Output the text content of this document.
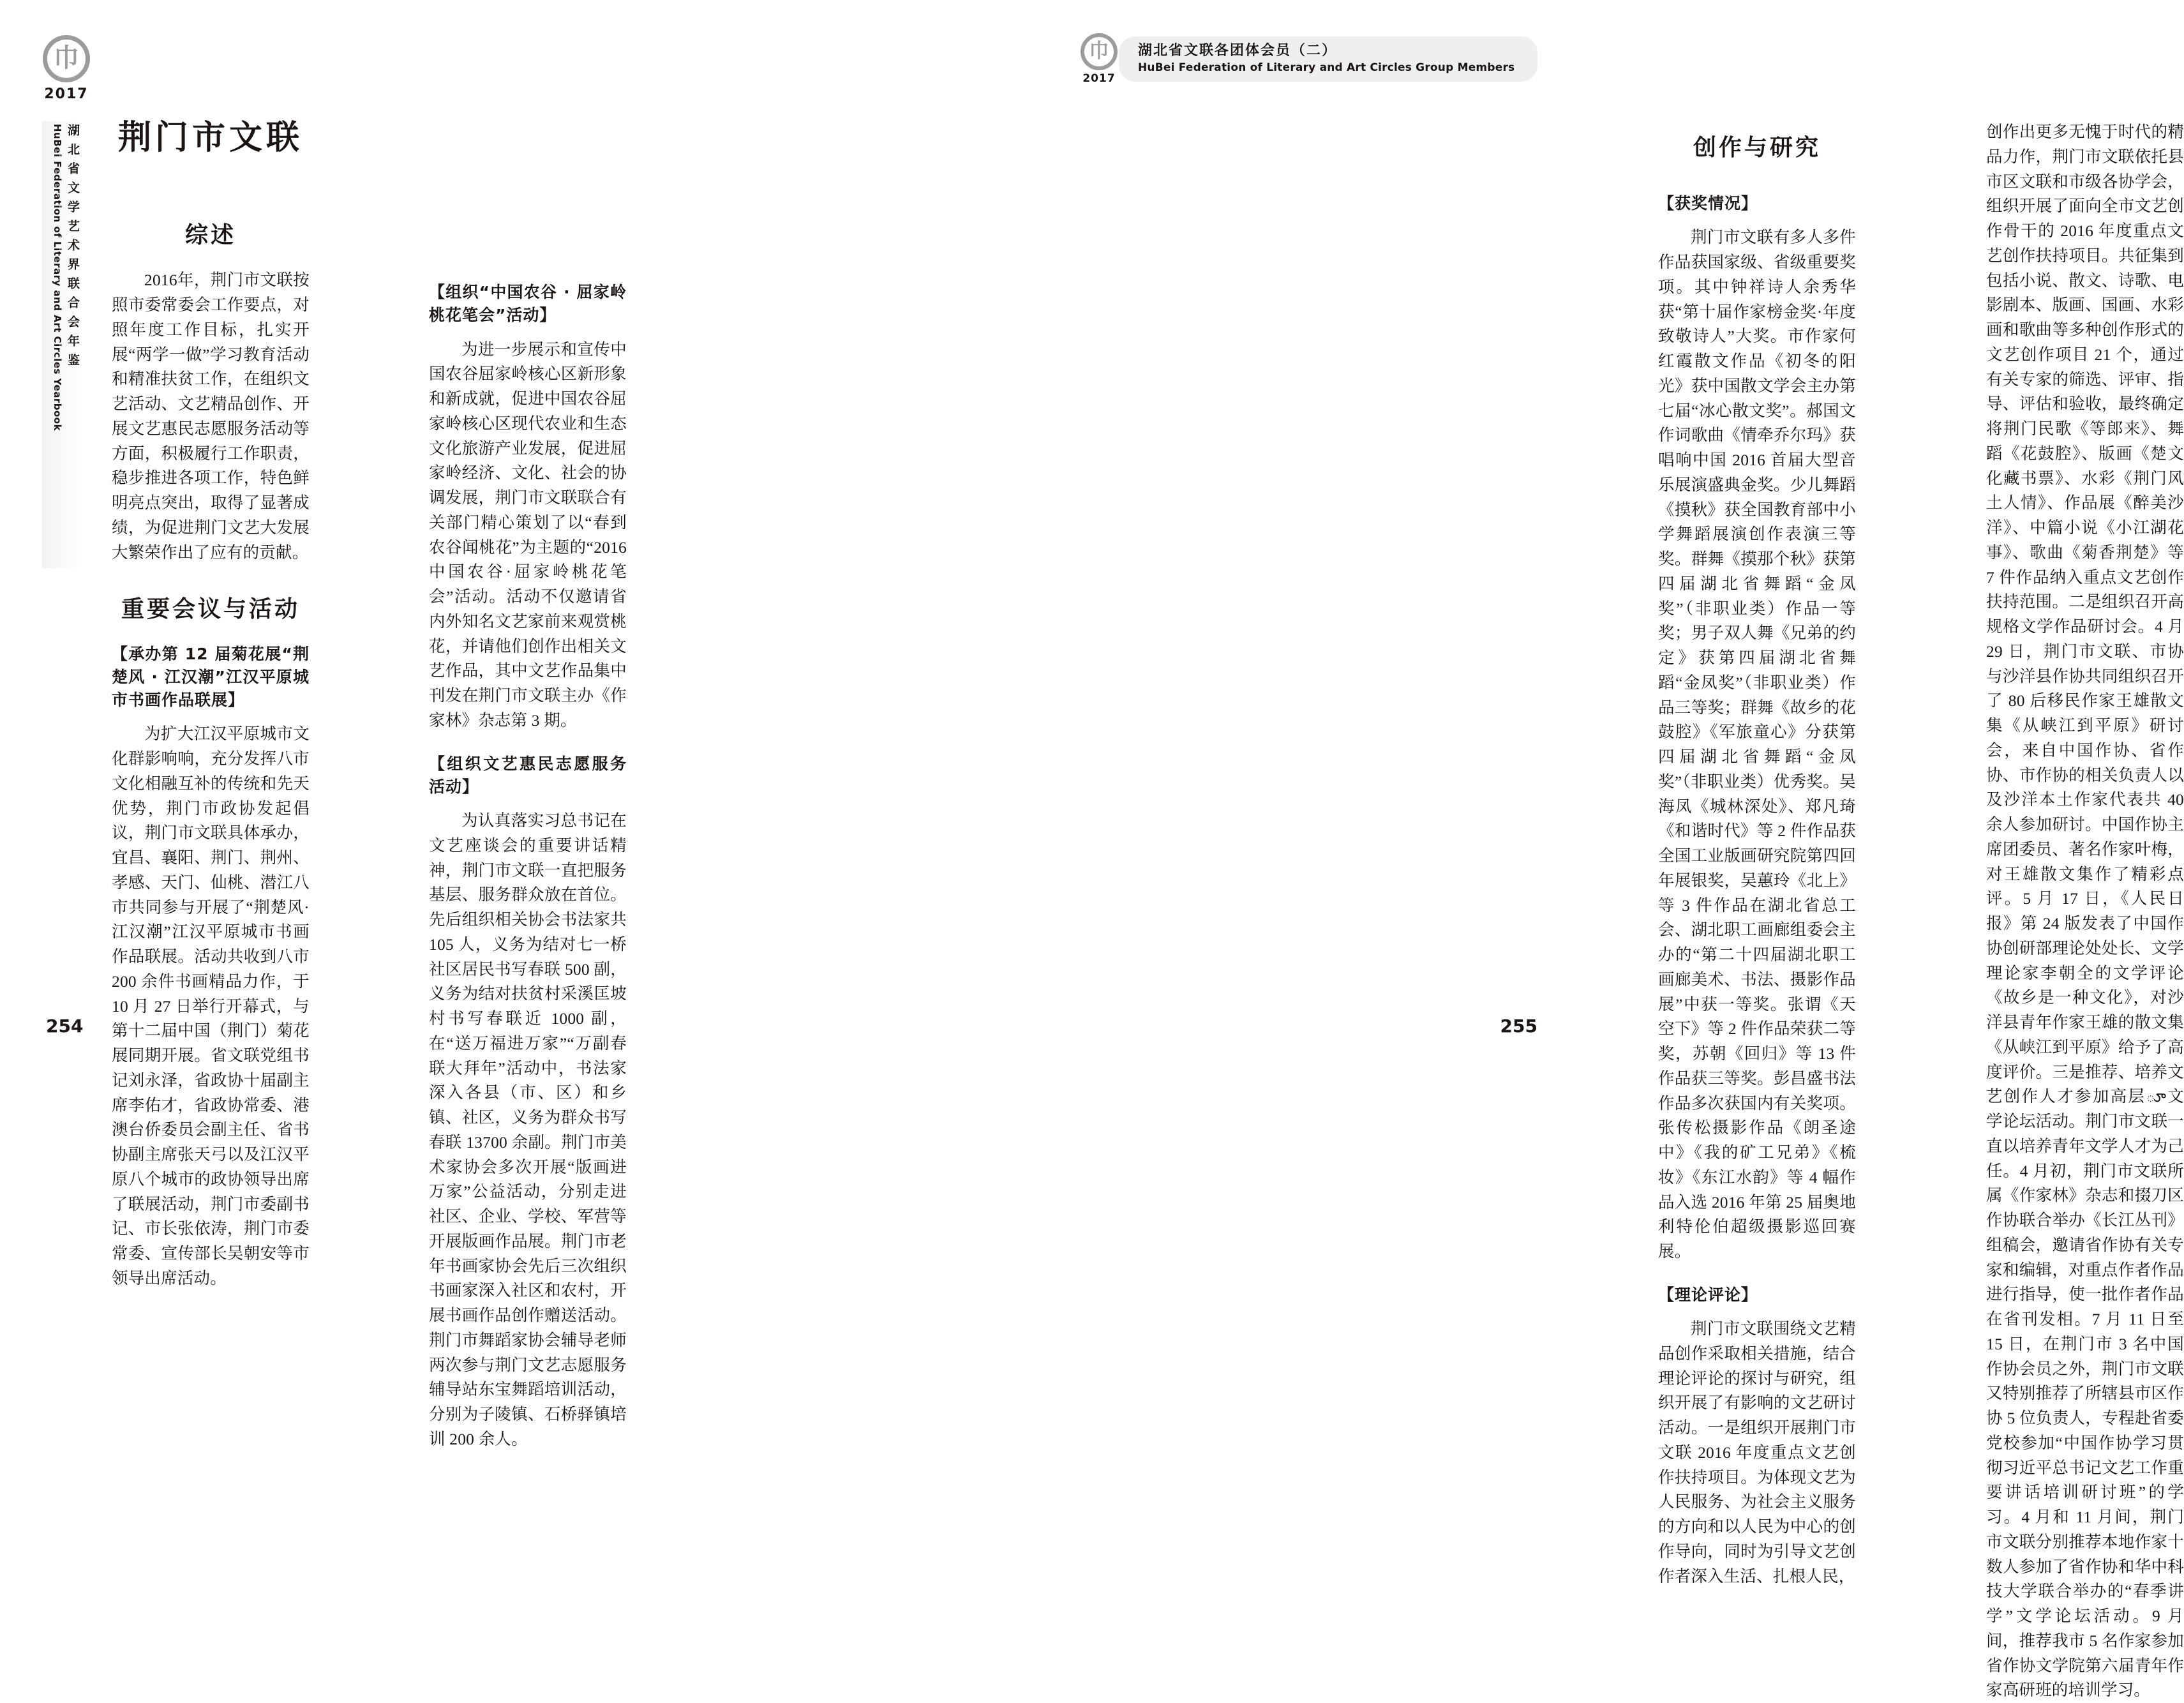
巾
2017
湖北省文学艺术界联合会年鉴
HuBei Federation of Literary and Art Circles Yearbook 荆门市文联
综述
2016年，荆门市文联按照市委常委会工作要点，对照年度工作目标，扎实开展“两学一做”学习教育活动和精准扶贫工作，在组织文艺活动、文艺精品创作、开展文艺惠民志愿服务活动等方面，积极履行工作职责，稳步推进各项工作，特色鲜明亮点突出，取得了显著成绩，为促进荆门文艺大发展大繁荣作出了应有的贡献。
重要会议与活动
【承办第 12 届菊花展“荆楚风 · 江汉潮”江汉平原城市书画作品联展】
为扩大江汉平原城市文化群影响响，充分发挥八市文化相融互补的传统和先天优势，荆门市政协发起倡议，荆门市文联具体承办，宜昌、襄阳、荆门、荆州、孝感、天门、仙桃、潜江八市共同参与开展了“荆楚风·江汉潮”江汉平原城市书画作品联展。活动共收到八市 200 余件书画精品力作，于 10 月 27 日举行开幕式，与第十二届中国（荆门）菊花展同期开展。省文联党组书记刘永泽，省政协十届副主席李佑才，省政协常委、港澳台侨委员会副主任、省书协副主席张天弓以及江汉平原八个城市的政协领导出席了联展活动，荆门市委副书记、市长张依涛，荆门市委常委、宣传部长吴朝安等市领导出席活动。
【组织“中国农谷 · 屈家岭桃花笔会”活动】
为进一步展示和宣传中国农谷屈家岭核心区新形象和新成就，促进中国农谷屈家岭核心区现代农业和生态文化旅游产业发展，促进屈家岭经济、文化、社会的协调发展，荆门市文联联合有关部门精心策划了以“春到农谷闻桃花”为主题的“2016 中国农谷·屈家岭桃花笔会”活动。活动不仅邀请省内外知名文艺家前来观赏桃花，并请他们创作出相关文艺作品，其中文艺作品集中刊发在荆门市文联主办《作家林》杂志第 3 期。
【组织文艺惠民志愿服务活动】
为认真落实习总书记在文艺座谈会的重要讲话精神，荆门市文联一直把服务基层、服务群众放在首位。先后组织相关协会书法家共 105 人，义务为结对七一桥社区居民书写春联 500 副，义务为结对扶贫村采溪匡坡村书写春联近 1000 副，在“送万福进万家”“万副春联大拜年”活动中，书法家深入各县（市、区）和乡镇、社区，义务为群众书写春联 13700 余副。荆门市美术家协会多次开展“版画进万家”公益活动，分别走进社区、企业、学校、军营等开展版画作品展。荆门市老年书画家协会先后三次组织书画家深入社区和农村，开展书画作品创作赠送活动。荆门市舞蹈家协会辅导老师两次参与荆门文艺志愿服务辅导站东宝舞蹈培训活动，分别为子陵镇、石桥驿镇培训 200 余人。
254
巾
2017
湖北省文联各团体会员（二）
HuBei Federation of Literary and Art Circles Group Members
创作与研究
【获奖情况】
荆门市文联有多人多件作品获国家级、省级重要奖项。其中钟祥诗人余秀华获“第十届作家榜金奖·年度致敬诗人”大奖。市作家何红霞散文作品《初冬的阳光》获中国散文学会主办第七届“冰心散文奖”。郝国文作词歌曲《情牵乔尔玛》获唱响中国 2016 首届大型音乐展演盛典金奖。少儿舞蹈《摸秋》获全国教育部中小学舞蹈展演创作表演三等奖。群舞《摸那个秋》获第四届湖北省舞蹈“金凤奖”（非职业类）作品一等奖；男子双人舞《兄弟的约定》获第四届湖北省舞蹈“金凤奖”（非职业类）作品三等奖；群舞《故乡的花鼓腔》《军旅童心》分获第四届湖北省舞蹈“金凤奖”（非职业类）优秀奖。吴海凤《城林深处》、郑凡琦《和谐时代》等 2 件作品获全国工业版画研究院第四回年展银奖，吴蕙玲《北上》等 3 件作品在湖北省总工会、湖北职工画廊组委会主办的“第二十四届湖北职工画廊美术、书法、摄影作品展”中获一等奖。张谓《天空下》等 2 件作品荣获二等奖，苏朝《回归》等 13 件作品获三等奖。彭昌盛书法作品多次获国内有关奖项。张传松摄影作品《朗圣途中》《我的矿工兄弟》《梳妆》《东江水韵》等 4 幅作品入选 2016 年第 25 届奥地利特伦伯超级摄影巡回赛展。
【理论评论】
荆门市文联围绕文艺精品创作采取相关措施，结合理论评论的探讨与研究，组织开展了有影响的文艺研讨活动。一是组织开展荆门市文联 2016 年度重点文艺创作扶持项目。为体现文艺为人民服务、为社会主义服务的方向和以人民为中心的创作导向，同时为引导文艺创作者深入生活、扎根人民，
创作出更多无愧于时代的精品力作，荆门市文联依托县市区文联和市级各协学会，组织开展了面向全市文艺创作骨干的 2016 年度重点文艺创作扶持项目。共征集到包括小说、散文、诗歌、电影剧本、版画、国画、水彩画和歌曲等多种创作形式的文艺创作项目 21 个，通过有关专家的筛选、评审、指导、评估和验收，最终确定将荆门民歌《等郎来》、舞蹈《花鼓腔》、版画《楚文化藏书票》、水彩《荆门风土人情》、作品展《醉美沙洋》、中篇小说《小江湖花事》、歌曲《菊香荆楚》等 7 件作品纳入重点文艺创作扶持范围。二是组织召开高规格文学作品研讨会。4 月 29 日，荆门市文联、市协与沙洋县作协共同组织召开了 80 后移民作家王雄散文集《从峡江到平原》研讨会，来自中国作协、省作协、市作协的相关负责人以及沙洋本土作家代表共 40 余人参加研讨。中国作协主席团委员、著名作家叶梅，对王雄散文集作了精彩点评。5 月 17 日，《人民日报》第 24 版发表了中国作协创研部理论处处长、文学理论家李朝全的文学评论《故乡是一种文化》，对沙洋县青年作家王雄的散文集《从峡江到平原》给予了高度评价。三是推荐、培养文艺创作人才参加高层ూ文学论坛活动。荆门市文联一直以培养青年文学人才为己任。4 月初，荆门市文联所属《作家林》杂志和掇刀区作协联合举办《长江丛刊》组稿会，邀请省作协有关专家和编辑，对重点作者作品进行指导，使一批作者作品在省刊发相。7 月 11 日至 15 日，在荆门市 3 名中国作协会员之外，荆门市文联又特别推荐了所辖县市区作协 5 位负责人，专程赴省委党校参加“中国作协学习贯彻习近平总书记文艺工作重要讲话培训研讨班”的学习。4 月和 11 月间，荆门市文联分别推荐本地作家十数人参加了省作协和华中科技大学联合举办的“春季讲学”文学论坛活动。9 月间，推荐我市 5 名作家参加省作协文学院第六届青年作家高研班的培训学习。
255
